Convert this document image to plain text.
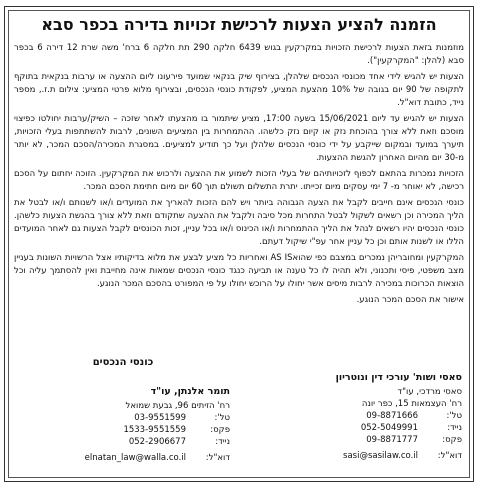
הזמנה להציע הצעות לרכישת זכויות בדירה בכפר סבא

מוזמנות בזאת הצעות לרכישת הזכויות במקרקעין בגוש 6439 חלקה 290 תת חלקה 6 ברח' משה שרת 12 דירה 6 בכפר סבא (להלן: "המקרקעין").

הצעות יש להגיש לידי אחד מכונסי הנכסים שלהלן, בצירוף שיק בנקאי שמועד פירעונו ליום ההצעה או ערבות בנקאית בתוקף לתקופה של 90 יום בגובה של 10% מהצעת המציע, לפקודת כונסי הנכסים, ובצירוף מלוא פרטי המציע: צילום ת.ז., מספר נייד, כתובת דוא"ל.

הצעות יש להגיש עד ליום 15/06/2021 בשעה 17:00, מציע שיתמור בו מהצעתו לאחר שזכה – השיק/ערבות יחולטו כפיצוי מוסכם וזאת ללא צורך בהוכחת נזק או קיום נזק כלשהו. ההתמחרות בין המציעים השונים, לרבות להשתתפות בעלי הזכויות, תיערך במועד ובמקום שייקבע על ידי כונסי הנכסים שלהלן ועל כך תודיע למציעים. במסגרת המכירה/הסכם המכר, לא יותר מ-30 יום מהיום האחרון להגשת ההצעות.

הזכויות נמכרות בהתאם לכפוף לזכויותיהם של בעלי הזכות לשמוע את ההצעה ולרכוש את המקרקעין. הזוכה יחתום על הסכם רכישה, לא יאוחר מ- 7 ימי עסקים מיום זכייתו. יתרת התשלום תשולם תוך 60 יום מיום חתימת הסכם המכר.

כונסי הנכסים אינם חייבים לקבל את הצעה הגבוהה ביותר ויש להם הזכות להאריך את המועדים ו/או לשנותם ו/או לבטל את הליך המכירה וכן רשאים לשקול לבטל התחרות מכל סיבה ולקבל את ההצעה שתקודם וזאת ללא צורך בהגשת הצעות כלשהן. כונסי הנכסים יהיו רשאים לנהל את הליך ההתמחרות ו/או הכינוס ו/או בכל עניין, זכות הכונסים לקבל הצעות גם לאחר המועדים הללו או לשנות אותם וכן כל עניין אחר עפ"י שיקול דעתם.

המקרקעין ומחובריהן נמכרים במצבם כפי שהואAS IS ואחריות כל מציע לבצע את מלוא בדיקותיו אצל הרשויות השונות בעניין מצב משפטי, פיסי ותכנוני, ולא תהיה לו כל טענה או תביעה כנגד כונסי הנכסים שמאות אינה מחייבת ואין להסתמך עליה וכל הוצאות הכרוכות במכירה לרבות מיסים אשר יחולו על הרוכש יחולו על פי המפורט בהסכם המכר הנוגע.

אישור את הסכם המכר הנוגע.

כונסי הנכסים
סאסי ושות' עורכי דין ונוטריון
סאסי מרדכי, עו"ד
רח' העצמאות 15, כפר יונה
טל':09-8871666
נייד:052-5049991
פקס:09-8871777
דוא"ל:sasi@sasilaw.co.il
תומר אלנתן, עו"ד
רח' הזיתים 96, גבעת שמואל
טל':03-9551599
פקס:1533-9551559
נייד:052-2906677
דוא"ל:elnatan_law@walla.co.il
